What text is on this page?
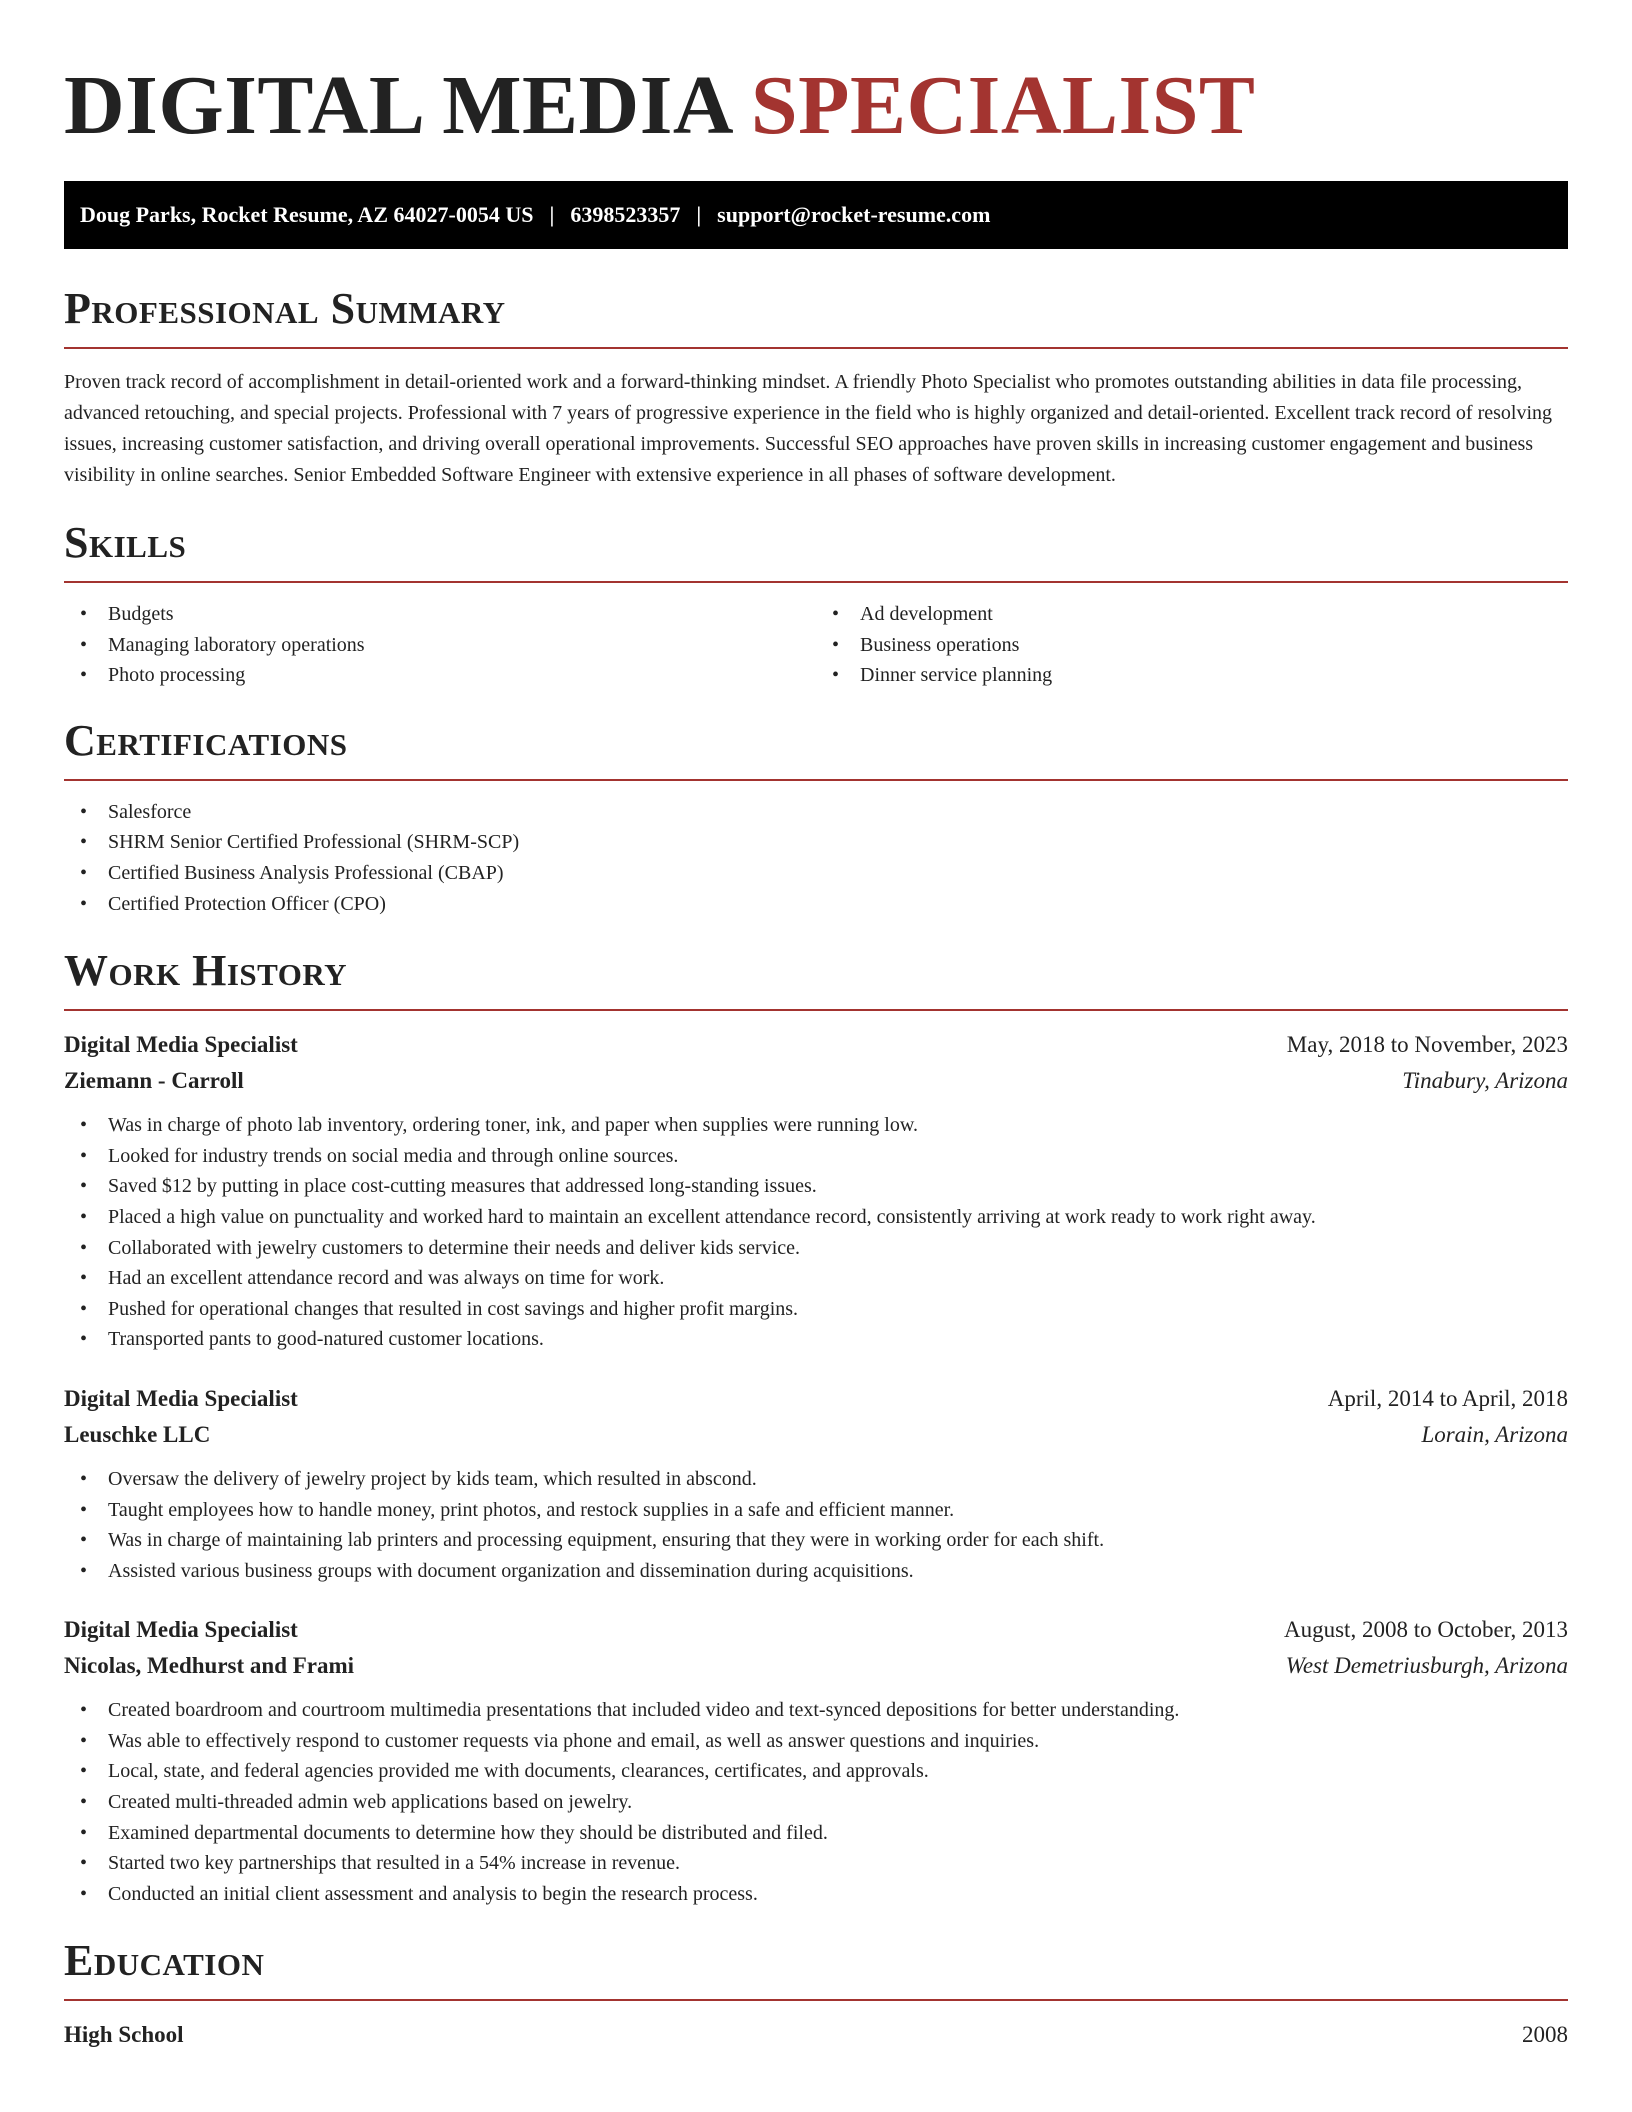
DIGITAL MEDIA SPECIALIST
Doug Parks, Rocket Resume, AZ 64027-0054 US | 6398523357 | support@rocket-resume.com
Professional Summary

Proven track record of accomplishment in detail-oriented work and a forward-thinking mindset. A friendly Photo Specialist who promotes outstanding abilities in data file processing, advanced retouching, and special projects. Professional with 7 years of progressive experience in the field who is highly organized and detail-oriented. Excellent track record of resolving issues, increasing customer satisfaction, and driving overall operational improvements. Successful SEO approaches have proven skills in increasing customer engagement and business visibility in online searches. Senior Embedded Software Engineer with extensive experience in all phases of software development.

Skills
• Budgets
• Managing laboratory operations
• Photo processing
• Ad development
• Business operations
• Dinner service planning
Certifications
• Salesforce
• SHRM Senior Certified Professional (SHRM-SCP)
• Certified Business Analysis Professional (CBAP)
• Certified Protection Officer (CPO)
Work History
Digital Media Specialist	May, 2018 to November, 2023
Ziemann - Carroll	Tinabury, Arizona
• Was in charge of photo lab inventory, ordering toner, ink, and paper when supplies were running low.
• Looked for industry trends on social media and through online sources.
• Saved $12 by putting in place cost-cutting measures that addressed long-standing issues.
• Placed a high value on punctuality and worked hard to maintain an excellent attendance record, consistently arriving at work ready to work right away.
• Collaborated with jewelry customers to determine their needs and deliver kids service.
• Had an excellent attendance record and was always on time for work.
• Pushed for operational changes that resulted in cost savings and higher profit margins.
• Transported pants to good-natured customer locations.
Digital Media Specialist	April, 2014 to April, 2018
Leuschke LLC	Lorain, Arizona
• Oversaw the delivery of jewelry project by kids team, which resulted in abscond.
• Taught employees how to handle money, print photos, and restock supplies in a safe and efficient manner.
• Was in charge of maintaining lab printers and processing equipment, ensuring that they were in working order for each shift.
• Assisted various business groups with document organization and dissemination during acquisitions.
Digital Media Specialist	August, 2008 to October, 2013
Nicolas, Medhurst and Frami	West Demetriusburgh, Arizona
• Created boardroom and courtroom multimedia presentations that included video and text-synced depositions for better understanding.
• Was able to effectively respond to customer requests via phone and email, as well as answer questions and inquiries.
• Local, state, and federal agencies provided me with documents, clearances, certificates, and approvals.
• Created multi-threaded admin web applications based on jewelry.
• Examined departmental documents to determine how they should be distributed and filed.
• Started two key partnerships that resulted in a 54% increase in revenue.
• Conducted an initial client assessment and analysis to begin the research process.
Education
High School	2008
